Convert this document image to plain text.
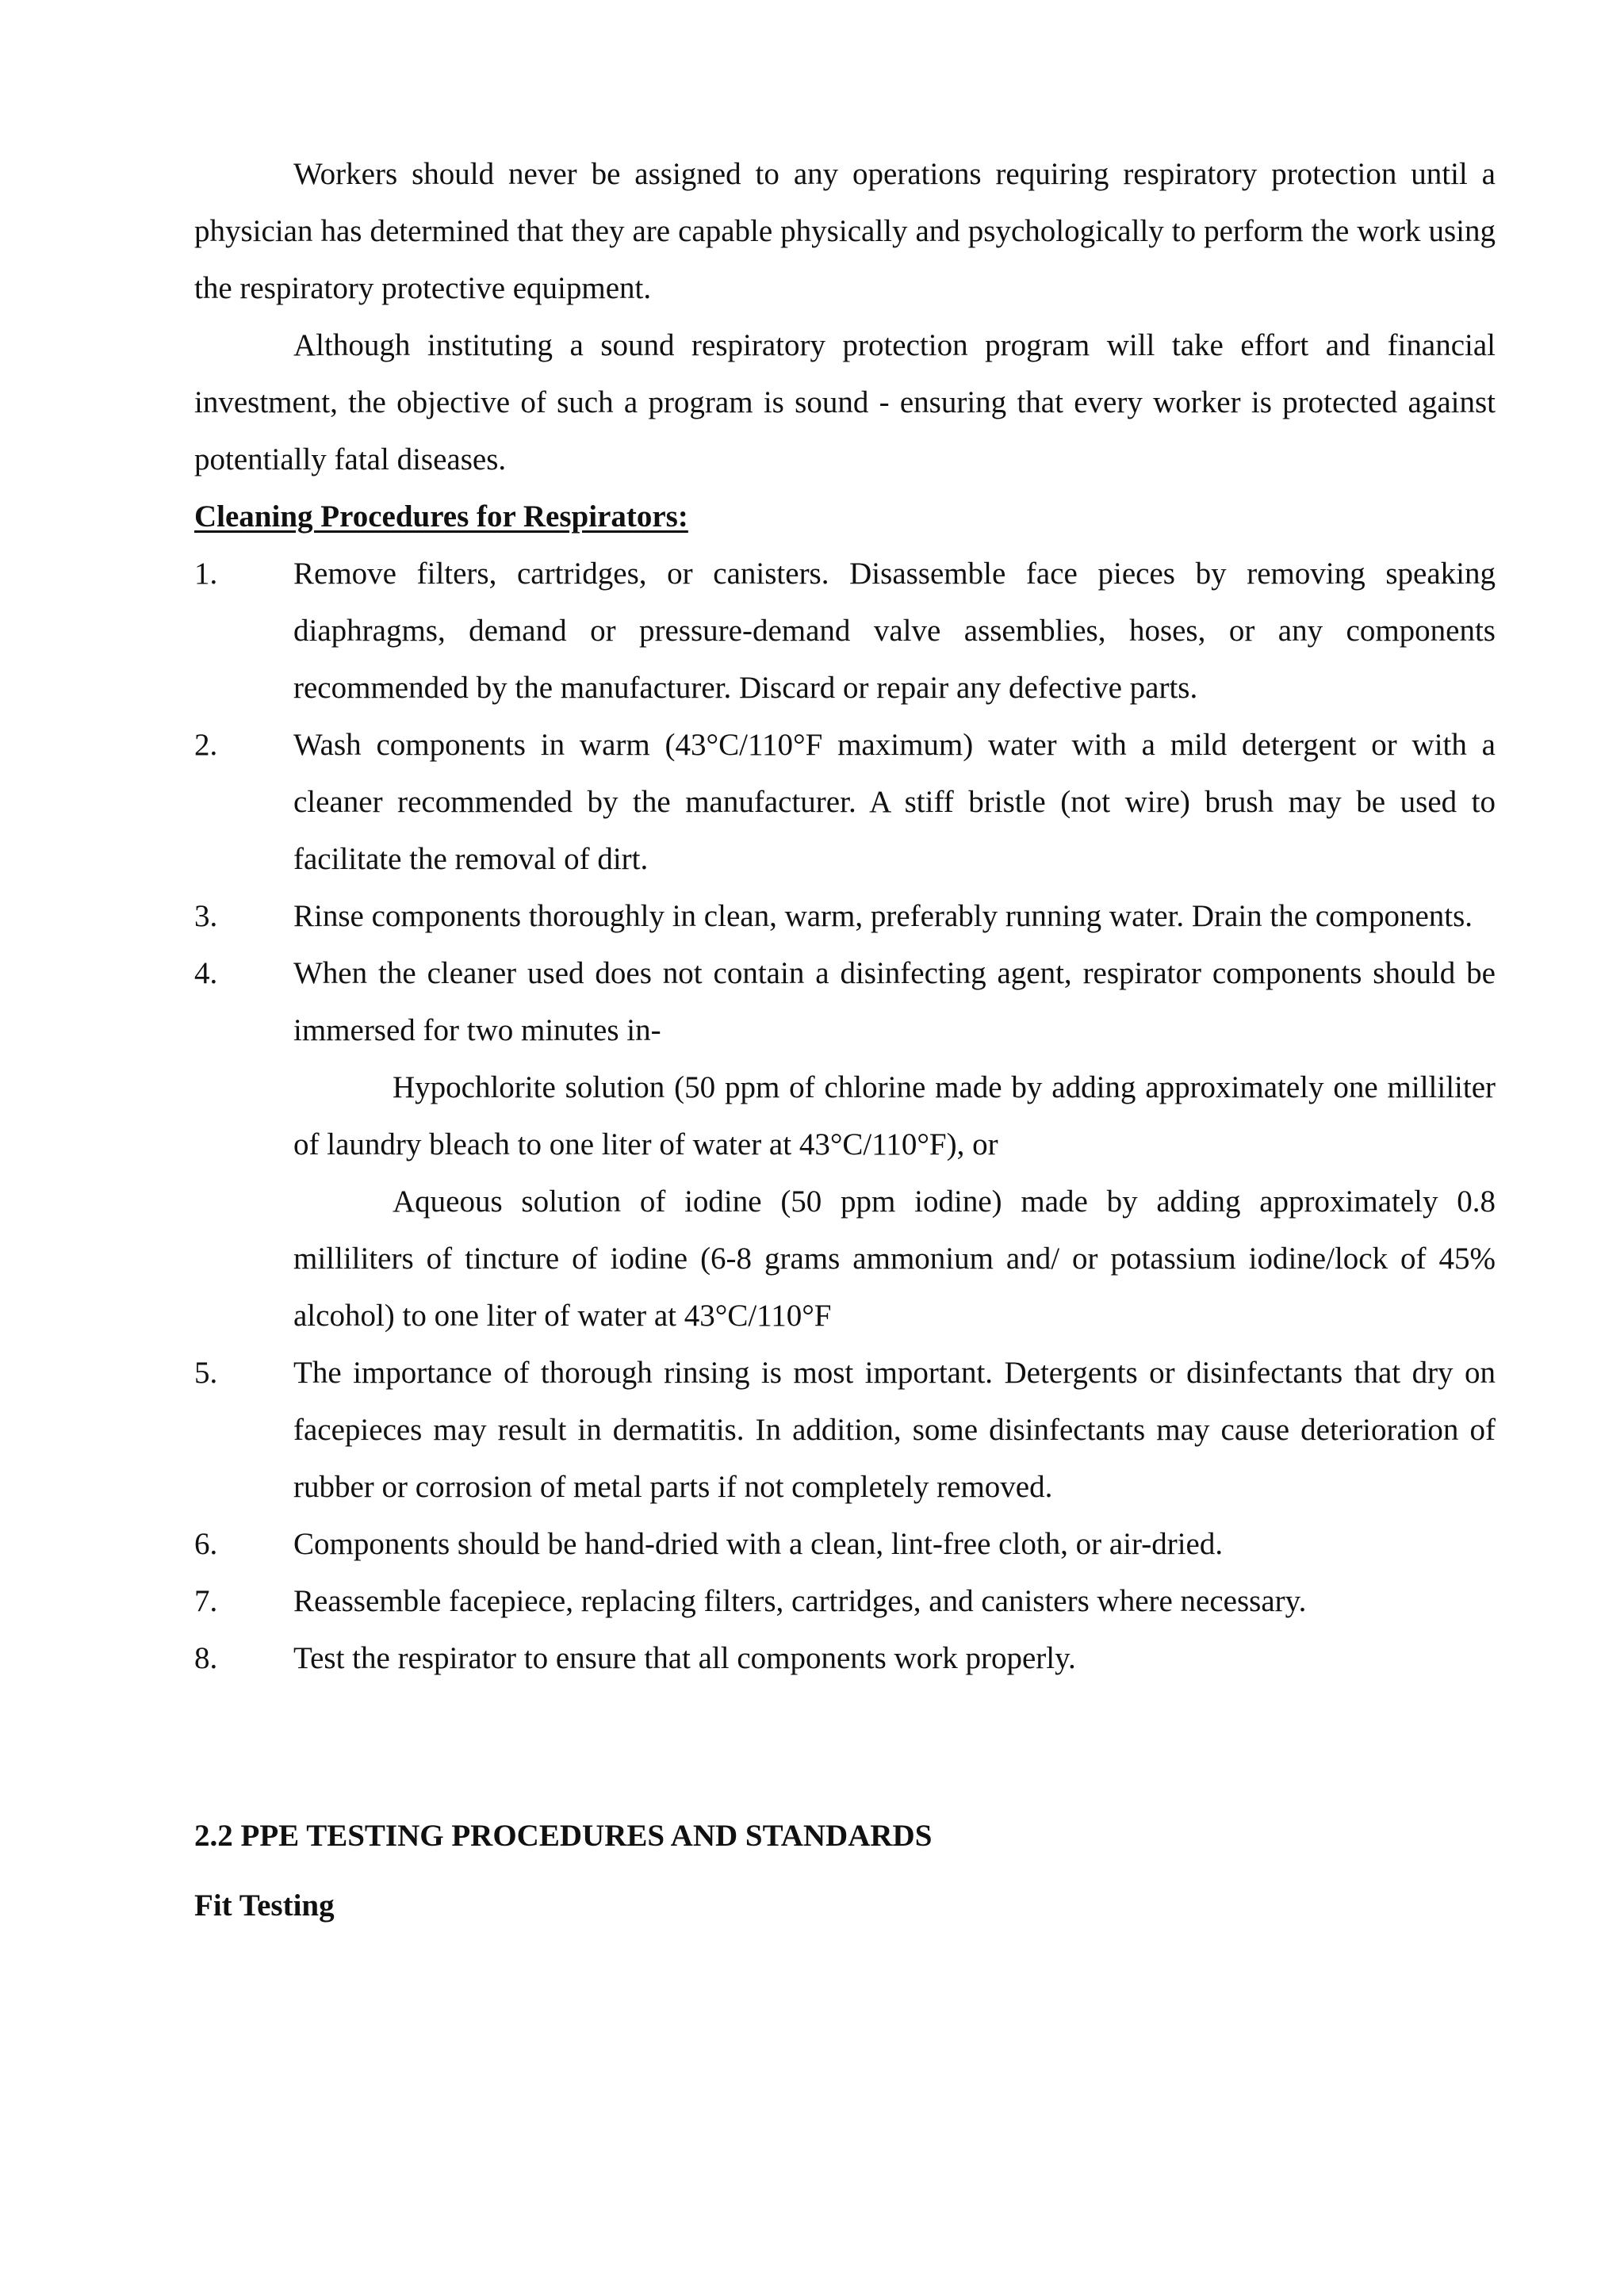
Workers should never be assigned to any operations requiring respiratory protection until a physician has determined that they are capable physically and psychologically to perform the work using the respiratory protective equipment.

Although instituting a sound respiratory protection program will take effort and financial investment, the objective of such a program is sound - ensuring that every worker is protected against potentially fatal diseases.

Cleaning Procedures for Respirators:

1. Remove filters, cartridges, or canisters. Disassemble face pieces by removing speaking diaphragms, demand or pressure-demand valve assemblies, hoses, or any components recommended by the manufacturer. Discard or repair any defective parts.
2. Wash components in warm (43°C/110°F maximum) water with a mild detergent or with a cleaner recommended by the manufacturer. A stiff bristle (not wire) brush may be used to facilitate the removal of dirt.
3. Rinse components thoroughly in clean, warm, preferably running water. Drain the components.
4. When the cleaner used does not contain a disinfecting agent, respirator components should be immersed for two minutes in-

Hypochlorite solution (50 ppm of chlorine made by adding approximately one milliliter of laundry bleach to one liter of water at 43°C/110°F), or

Aqueous solution of iodine (50 ppm iodine) made by adding approximately 0.8 milliliters of tincture of iodine (6-8 grams ammonium and/ or potassium iodine/lock of 45% alcohol) to one liter of water at 43°C/110°F

5. The importance of thorough rinsing is most important. Detergents or disinfectants that dry on facepieces may result in dermatitis. In addition, some disinfectants may cause deterioration of rubber or corrosion of metal parts if not completely removed.
6. Components should be hand-dried with a clean, lint-free cloth, or air-dried.
7. Reassemble facepiece, replacing filters, cartridges, and canisters where necessary.
8. Test the respirator to ensure that all components work properly.

2.2 PPE TESTING PROCEDURES AND STANDARDS

Fit Testing
